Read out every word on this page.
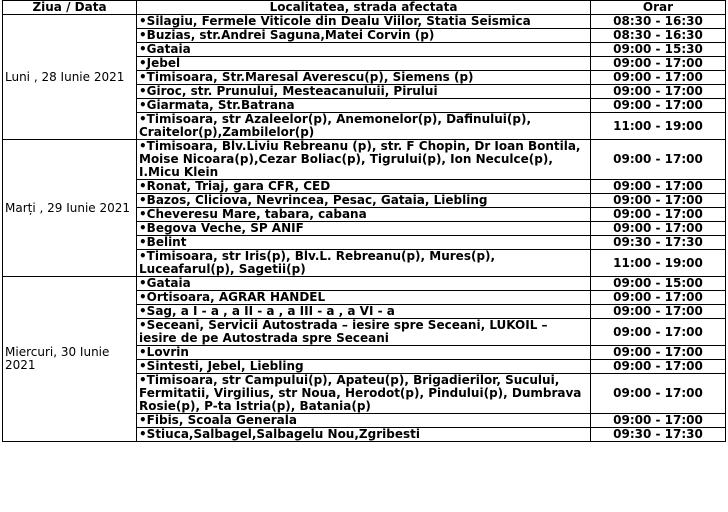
Ziua / Data	Localitatea, strada afectata	Orar
Luni , 28 Iunie 2021	•Silagiu, Fermele Viticole din Dealu Viilor, Statia Seismica	08:30 - 16:30
	•Buzias, str.Andrei Saguna,Matei Corvin (p)	08:30 - 16:30
	•Gataia	09:00 - 15:30
	•Jebel	09:00 - 17:00
	•Timisoara, Str.Maresal Averescu(p), Siemens (p)	09:00 - 17:00
	•Giroc, str. Prunului, Mesteacanuluii, Pirului	09:00 - 17:00
	•Giarmata, Str.Batrana	09:00 - 17:00
	•Timisoara, str Azaleelor(p), Anemonelor(p), Dafinului(p), Craitelor(p),Zambilelor(p)	11:00 - 19:00
Marți , 29 Iunie 2021	•Timisoara, Blv.Liviu Rebreanu (p), str. F Chopin, Dr Ioan Bontila, Moise Nicoara(p),Cezar Boliac(p), Tigrului(p), Ion Neculce(p), I.Micu Klein	09:00 - 17:00
	•Ronat, Triaj, gara CFR, CED	09:00 - 17:00
	•Bazos, Cliciova, Nevrincea, Pesac, Gataia, Liebling	09:00 - 17:00
	•Cheveresu Mare, tabara, cabana	09:00 - 17:00
	•Begova Veche, SP ANIF	09:00 - 17:00
	•Belint	09:30 - 17:30
	•Timisoara, str Iris(p), Blv.L. Rebreanu(p), Mures(p), Luceafarul(p), Sagetii(p)	11:00 - 19:00
Miercuri, 30 Iunie 2021	•Gataia	09:00 - 15:00
	•Ortisoara, AGRAR HANDEL	09:00 - 17:00
	•Sag, a I - a , a II - a , a III - a , a VI - a	09:00 - 17:00
	•Seceani, Servicii Autostrada – iesire spre Seceani, LUKOIL – iesire de pe Autostrada spre Seceani	09:00 - 17:00
	•Lovrin	09:00 - 17:00
	•Sintesti, Jebel, Liebling	09:00 - 17:00
	•Timisoara, str Campului(p), Apateu(p), Brigadierilor, Sucului, Fermitatii, Virgilius, str Noua, Herodot(p), Pindului(p), Dumbrava Rosie(p), P-ta Istria(p), Batania(p)	09:00 - 17:00
	•Fibis, Scoala Generala	09:00 - 17:00
	•Stiuca,Salbagel,Salbagelu Nou,Zgribesti	09:30 - 17:30
